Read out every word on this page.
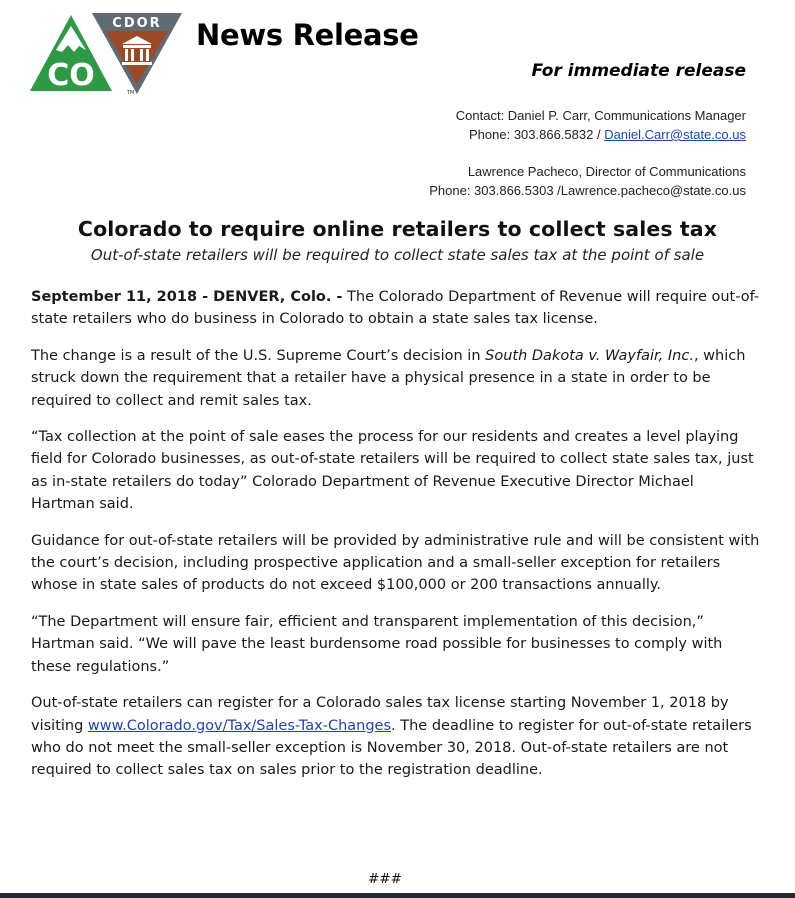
CDOR
CO	TM
News Release
For immediate release
Contact: Daniel P. Carr, Communications Manager
Phone: 303.866.5832 / Daniel.Carr@state.co.us
Lawrence Pacheco, Director of Communications
Phone: 303.866.5303 /Lawrence.pacheco@state.co.us
Colorado to require online retailers to collect sales tax
Out-of-state retailers will be required to collect state sales tax at the point of sale

September 11, 2018 - DENVER, Colo. - The Colorado Department of Revenue will require out-of-state retailers who do business in Colorado to obtain a state sales tax license.

The change is a result of the U.S. Supreme Court’s decision in South Dakota v. Wayfair, Inc., which struck down the requirement that a retailer have a physical presence in a state in order to be required to collect and remit sales tax.

“Tax collection at the point of sale eases the process for our residents and creates a level playing field for Colorado businesses, as out-of-state retailers will be required to collect state sales tax, just as in-state retailers do today” Colorado Department of Revenue Executive Director Michael Hartman said.

Guidance for out-of-state retailers will be provided by administrative rule and will be consistent with the court’s decision, including prospective application and a small-seller exception for retailers whose in state sales of products do not exceed $100,000 or 200 transactions annually.

“The Department will ensure fair, efficient and transparent implementation of this decision,” Hartman said. “We will pave the least burdensome road possible for businesses to comply with these regulations.”

Out-of-state retailers can register for a Colorado sales tax license starting November 1, 2018 by visiting www.Colorado.gov/Tax/Sales-Tax-Changes. The deadline to register for out-of-state retailers who do not meet the small-seller exception is November 30, 2018. Out-of-state retailers are not required to collect sales tax on sales prior to the registration deadline.

###
